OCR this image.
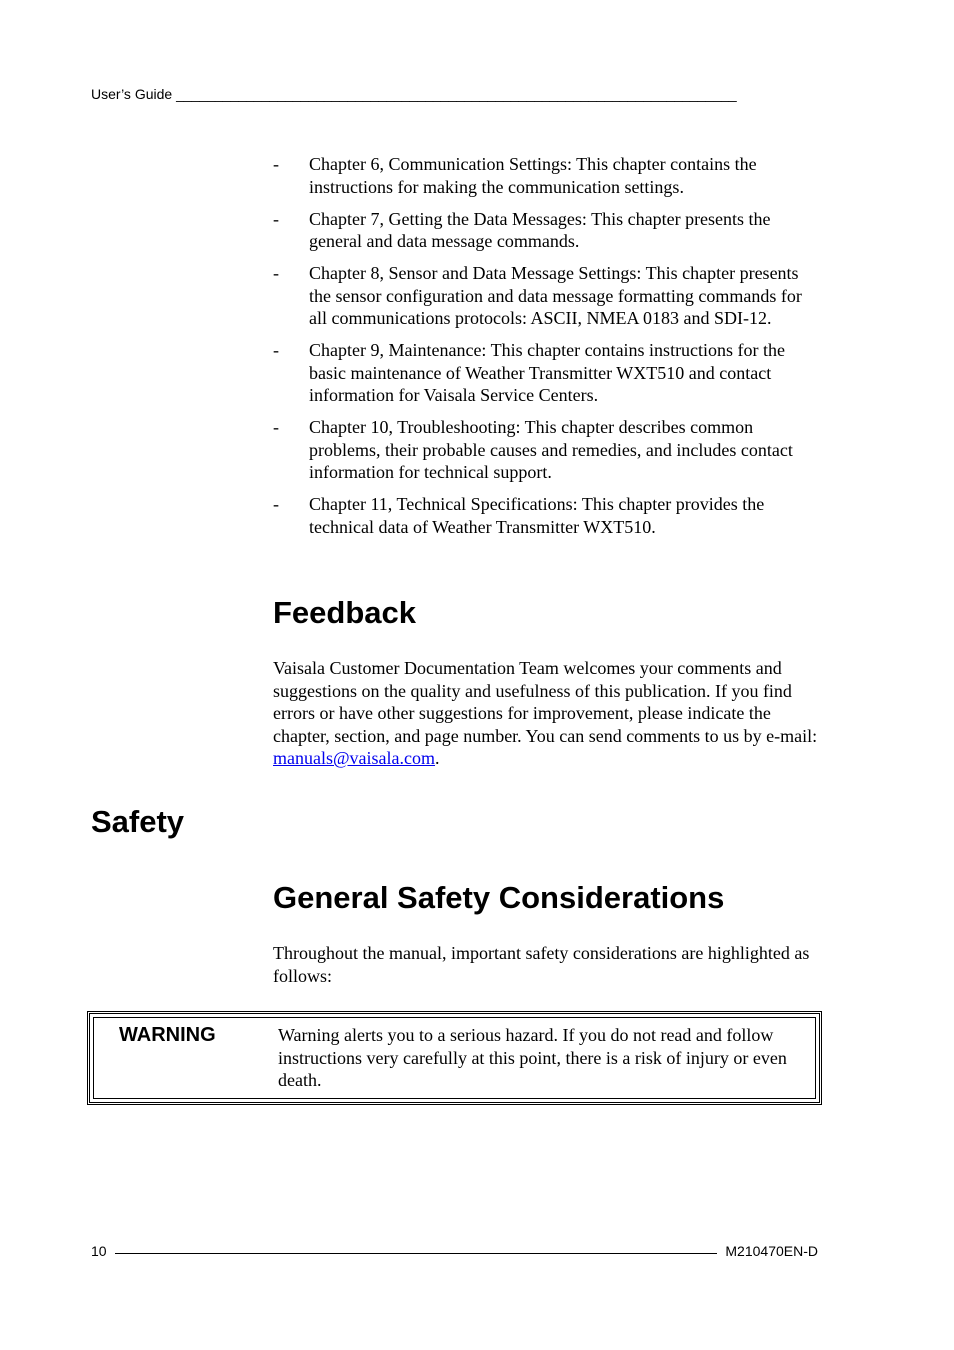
User’s Guide ________________________________________________________________________
- Chapter 6, Communication Settings: This chapter contains the instructions for making the communication settings.
- Chapter 7, Getting the Data Messages: This chapter presents the general and data message commands.
- Chapter 8, Sensor and Data Message Settings: This chapter presents the sensor configuration and data message formatting commands for all communications protocols: ASCII, NMEA 0183 and SDI-12.
- Chapter 9, Maintenance: This chapter contains instructions for the basic maintenance of Weather Transmitter WXT510 and contact information for Vaisala Service Centers.
- Chapter 10, Troubleshooting: This chapter describes common problems, their probable causes and remedies, and includes contact information for technical support.
- Chapter 11, Technical Specifications: This chapter provides the technical data of Weather Transmitter WXT510.
Feedback

Vaisala Customer Documentation Team welcomes your comments and suggestions on the quality and usefulness of this publication. If you find errors or have other suggestions for improvement, please indicate the chapter, section, and page number. You can send comments to us by e-mail: manuals@vaisala.com.

Safety
General Safety Considerations

Throughout the manual, important safety considerations are highlighted as follows:

WARNING	Warning alerts you to a serious hazard. If you do not read and follow instructions very carefully at this point, there is a risk of injury or even death.
10	M210470EN-D
